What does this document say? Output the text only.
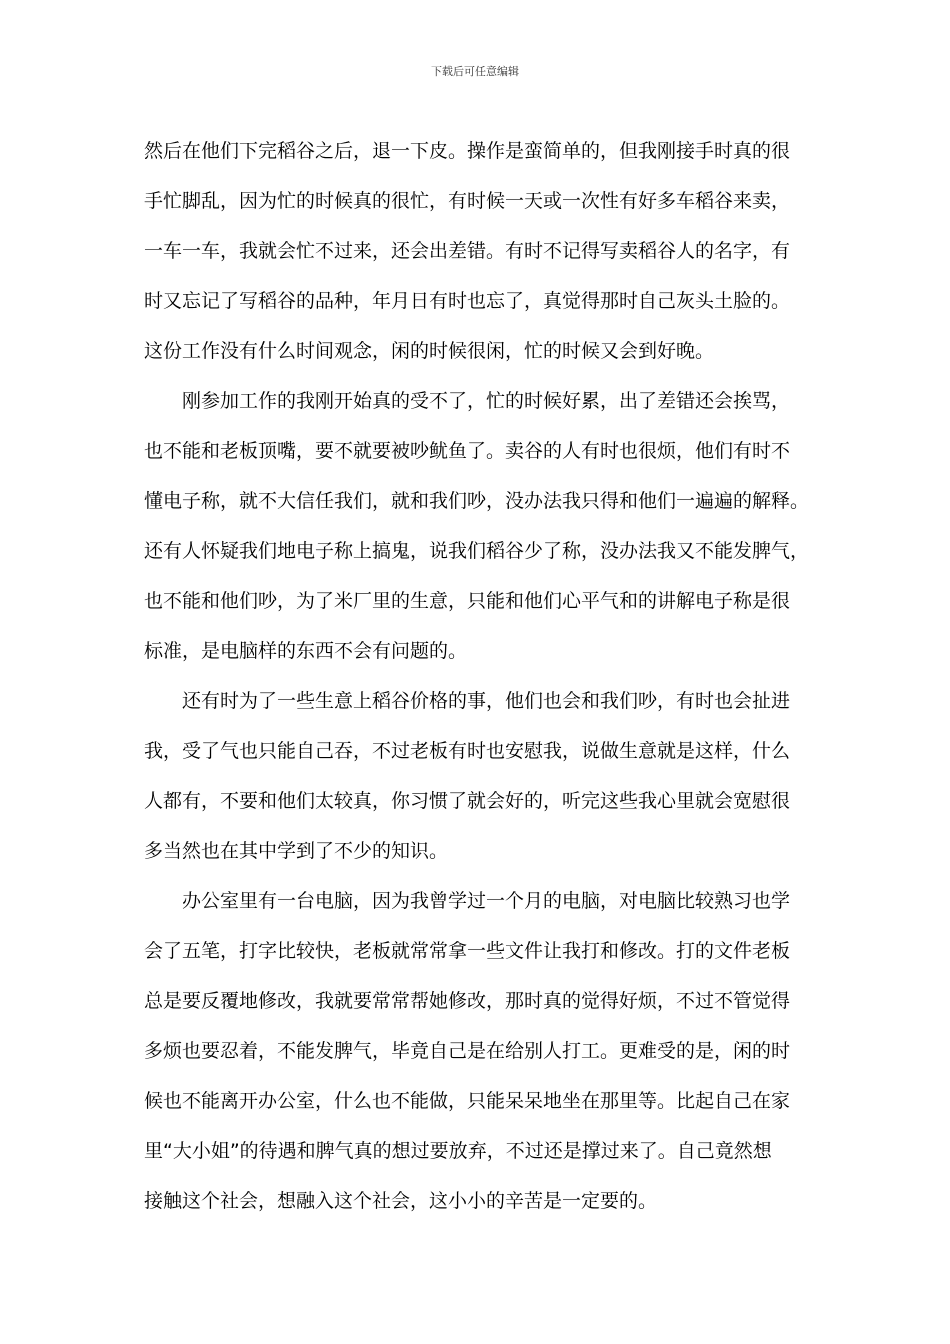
下载后可任意编辑
然后在他们下完稻谷之后，退一下皮。操作是蛮简单的，但我刚接手时真的很
手忙脚乱，因为忙的时候真的很忙，有时候一天或一次性有好多车稻谷来卖，
一车一车，我就会忙不过来，还会出差错。有时不记得写卖稻谷人的名字，有
时又忘记了写稻谷的品种，年月日有时也忘了，真觉得那时自己灰头土脸的。
这份工作没有什么时间观念，闲的时候很闲，忙的时候又会到好晚。
刚参加工作的我刚开始真的受不了，忙的时候好累，出了差错还会挨骂，
也不能和老板顶嘴，要不就要被吵鱿鱼了。卖谷的人有时也很烦，他们有时不
懂电子称，就不大信任我们，就和我们吵，没办法我只得和他们一遍遍的解释。
还有人怀疑我们地电子称上搞鬼，说我们稻谷少了称，没办法我又不能发脾气，
也不能和他们吵，为了米厂里的生意，只能和他们心平气和的讲解电子称是很
标准，是电脑样的东西不会有问题的。
还有时为了一些生意上稻谷价格的事，他们也会和我们吵，有时也会扯进
我，受了气也只能自己吞，不过老板有时也安慰我，说做生意就是这样，什么
人都有，不要和他们太较真，你习惯了就会好的，听完这些我心里就会宽慰很
多当然也在其中学到了不少的知识。
办公室里有一台电脑，因为我曾学过一个月的电脑，对电脑比较熟习也学
会了五笔，打字比较快，老板就常常拿一些文件让我打和修改。打的文件老板
总是要反覆地修改，我就要常常帮她修改，那时真的觉得好烦，不过不管觉得
多烦也要忍着，不能发脾气，毕竟自己是在给别人打工。更难受的是，闲的时
候也不能离开办公室，什么也不能做，只能呆呆地坐在那里等。比起自己在家
里“大小姐”的待遇和脾气真的想过要放弃，不过还是撑过来了。自己竟然想
接触这个社会，想融入这个社会，这小小的辛苦是一定要的。
